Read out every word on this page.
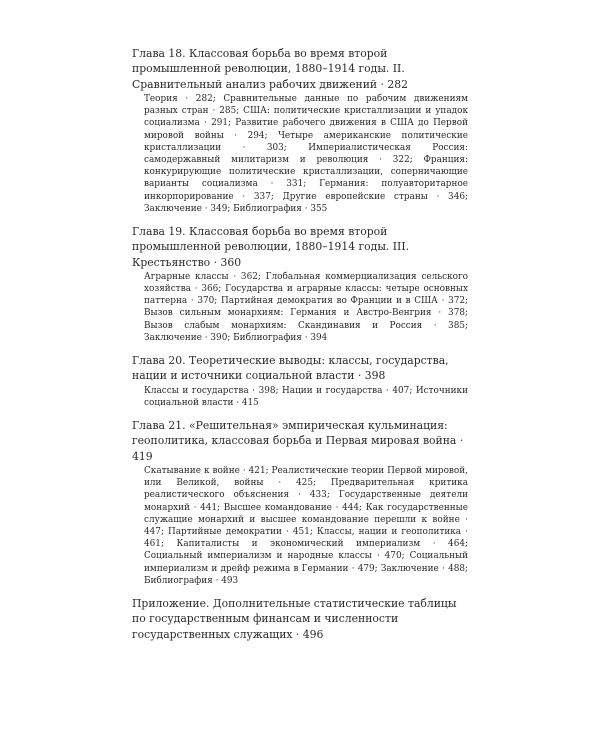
Глава 18. Классовая борьба во время второй промышленной революции, 1880–1914 годы. II. Сравнительный анализ рабочих движений · 282

Теория · 282; Сравнительные данные по рабочим движениям разных стран · 285; США: политические кристаллизации и упадок социализма · 291; Развитие рабочего движения в США до Первой мировой войны · 294; Четыре американские политические кристаллизации · 303; Империалистическая Россия: самодержавный милитаризм и революция · 322; Франция: конкурирующие политические кристаллизации, соперничающие варианты социализма · 331; Германия: полуавторитарное инкорпорирование · 337; Другие европейские страны · 346; Заключение · 349; Библиография · 355

Глава 19. Классовая борьба во время второй промышленной революции, 1880–1914 годы. III. Крестьянство · 360

Аграрные классы · 362; Глобальная коммерциализация сельского хозяйства · 366; Государства и аграрные классы: четыре основных паттерна · 370; Партийная демократия во Франции и в США · 372; Вызов сильным монархиям: Германия и Австро-Венгрия · 378; Вызов слабым монархиям: Скандинавия и Россия · 385; Заключение · 390; Библиография · 394

Глава 20. Теоретические выводы: классы, государства, нации и источники социальной власти · 398

Классы и государства · 398; Нации и государства · 407; Источники социальной власти · 415

Глава 21. «Решительная» эмпирическая кульминация: геополитика, классовая борьба и Первая мировая война · 419

Скатывание к войне · 421; Реалистические теории Первой мировой, или Великой, войны · 425; Предварительная критика реалистического объяснения · 433; Государственные деятели монархий · 441; Высшее командование · 444; Как государственные служащие монархий и высшее командование перешли к войне · 447; Партийные демократии · 451; Классы, нации и геополитика · 461; Капиталисты и экономический империализм · 464; Социальный империализм и народные классы · 470; Социальный империализм и дрейф режима в Германии · 479; Заключение · 488; Библиография · 493

Приложение. Дополнительные статистические таблицы по государственным финансам и численности государственных служащих · 496
